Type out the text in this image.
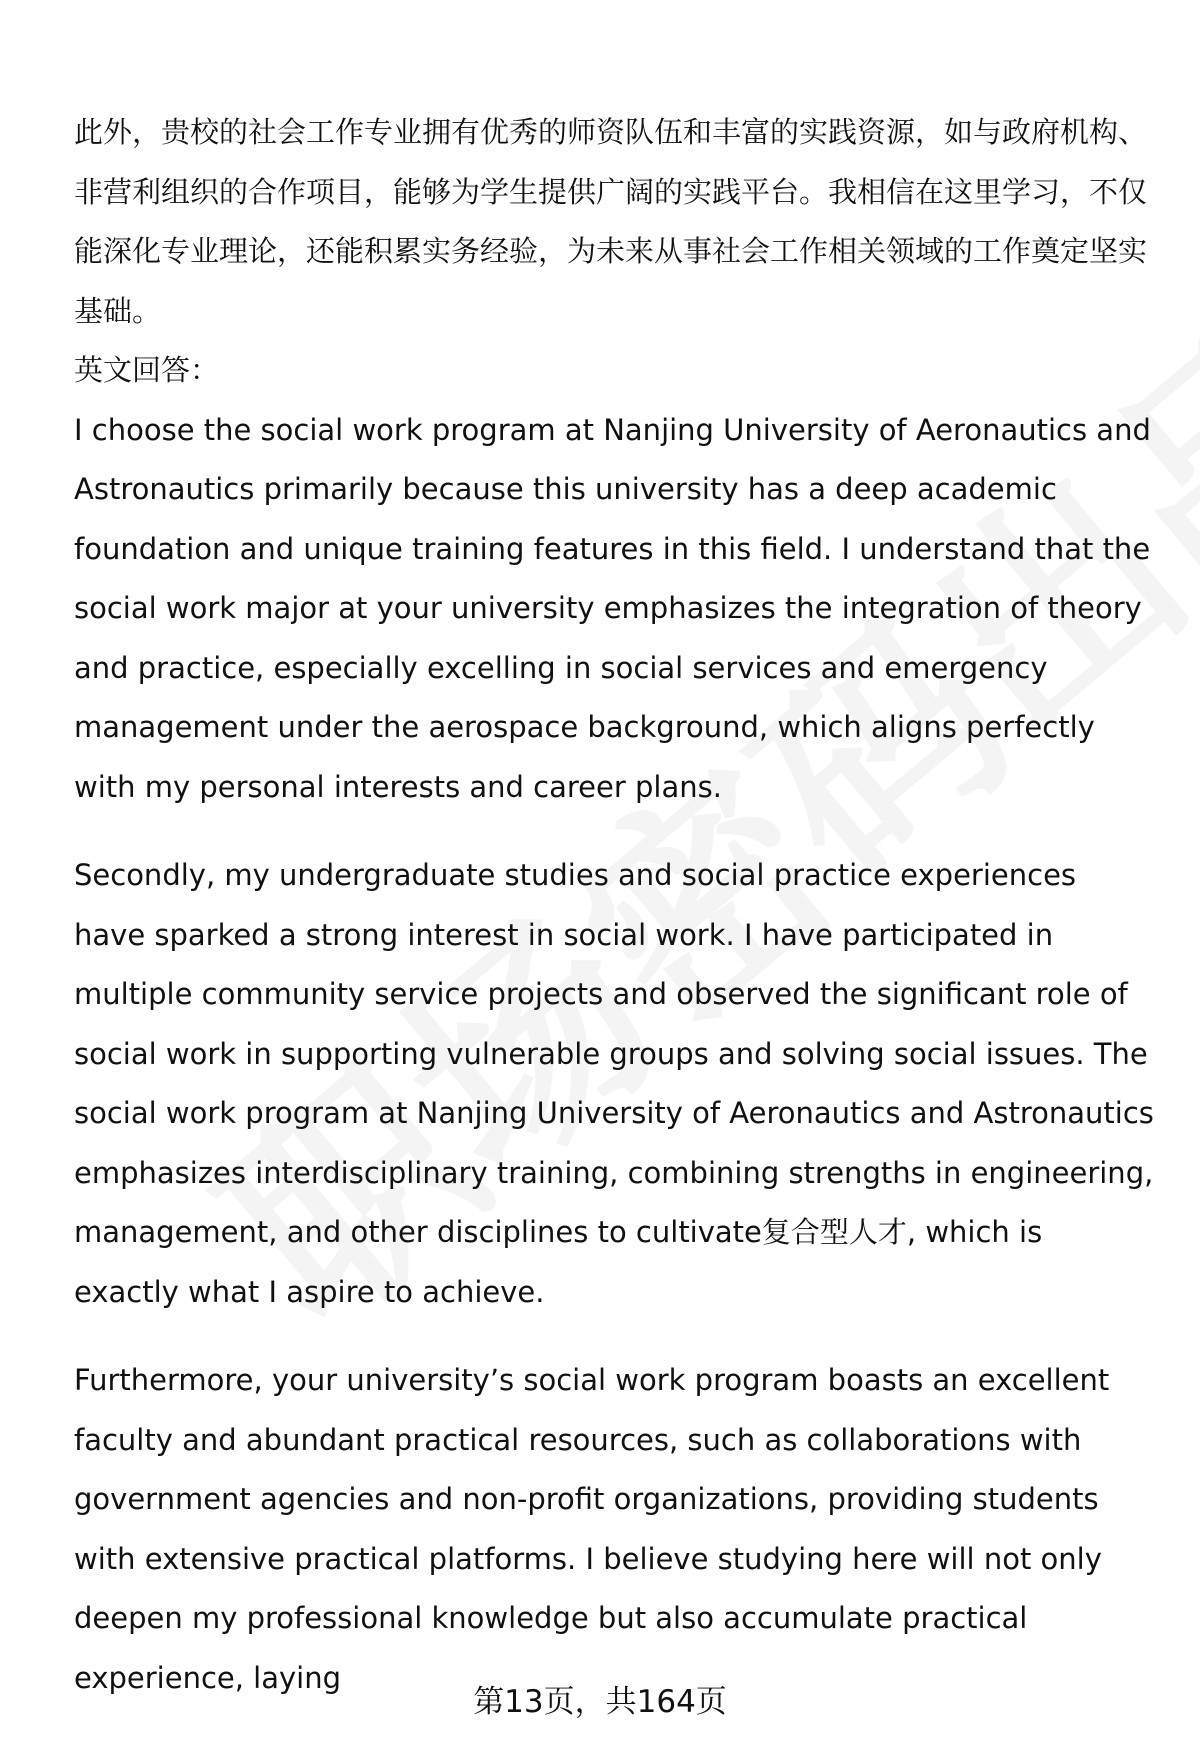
此外，贵校的社会工作专业拥有优秀的师资队伍和丰富的实践资源，如与政府机构、非营利组织的合作项目，能够为学生提供广阔的实践平台。我相信在这里学习，不仅能深化专业理论，还能积累实务经验，为未来从事社会工作相关领域的工作奠定坚实基础。

英文回答：

I choose the social work program at Nanjing University of Aeronautics and Astronautics primarily because this university has a deep academic foundation and unique training features in this field. I understand that the social work major at your university emphasizes the integration of theory and practice, especially excelling in social services and emergency management under the aerospace background, which aligns perfectly with my personal interests and career plans.

Secondly, my undergraduate studies and social practice experiences have sparked a strong interest in social work. I have participated in multiple community service projects and observed the significant role of social work in supporting vulnerable groups and solving social issues. The social work program at Nanjing University of Aeronautics and Astronautics emphasizes interdisciplinary training, combining strengths in engineering, management, and other disciplines to cultivate复合型人才, which is exactly what I aspire to achieve.

Furthermore, your university’s social work program boasts an excellent faculty and abundant practical resources, such as collaborations with government agencies and non-profit organizations, providing students with extensive practical platforms. I believe studying here will not only deepen my professional knowledge but also accumulate practical experience, laying

第13页，共164页
